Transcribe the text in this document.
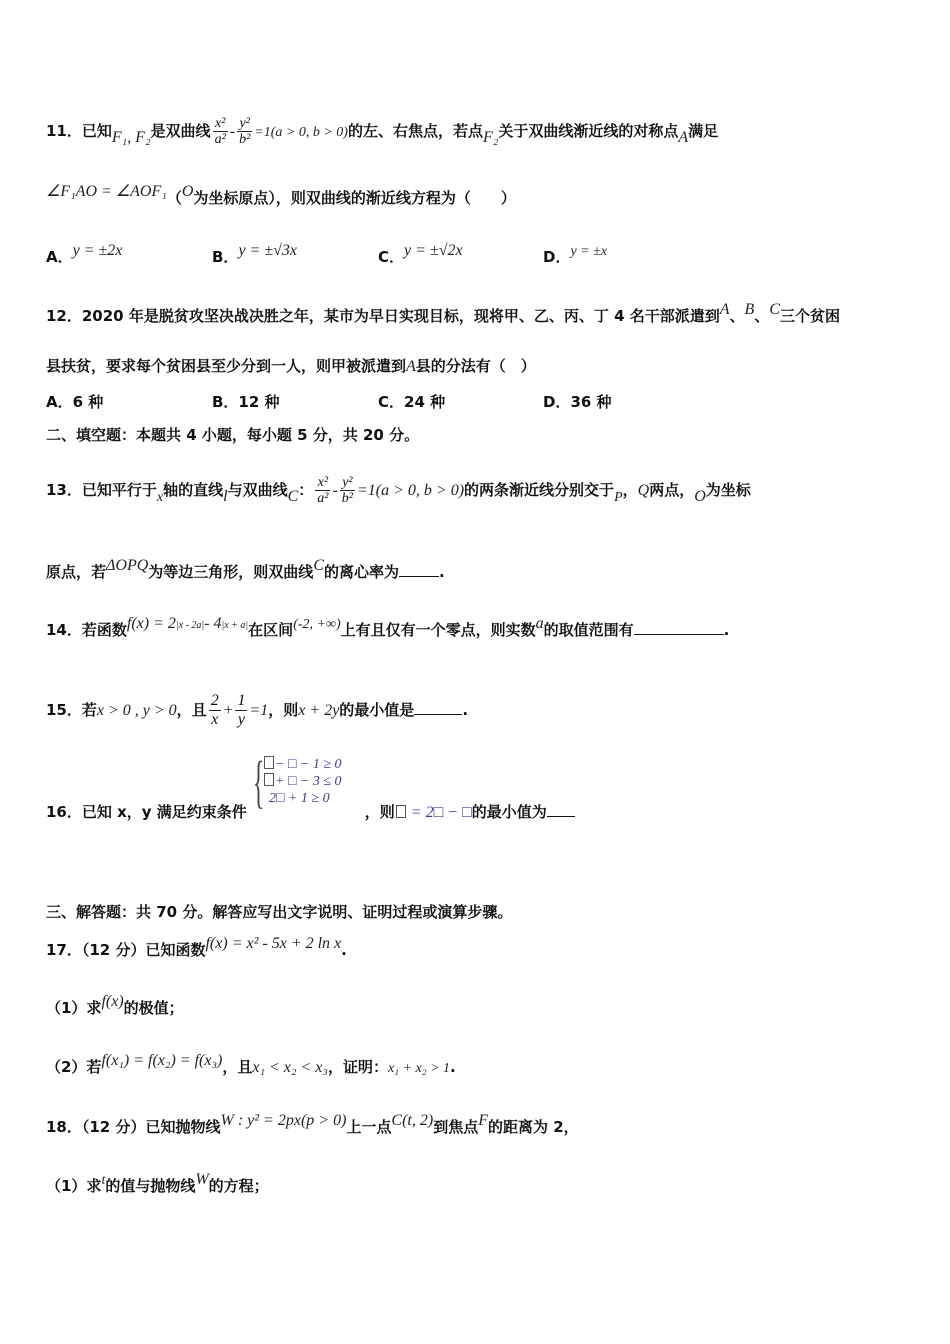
11．已知F₁, F₂是双曲线 $\frac{\text{x²}}{\text{a²}} - \frac{\text{y²}}{\text{b²}} =1(a > 0$, b > 0)的左、右焦点，若点F₂关于双曲线渐近线的对称点A满足
∠F₁AO = ∠AOF₁（O为坐标原点），则双曲线的渐近线方程为（　　）
A．y = ±2x	B．y = ±√3x	C．y = ±√2x	D．y = ±x
12．2020 年是脱贫攻坚决战决胜之年，某市为早日实现目标，现将甲、乙、丙、丁 4 名干部派遣到A、B、C三个贫困
县扶贫，要求每个贫困县至少分到一人，则甲被派遣到A县的分法有（　）
A．6 种	B．12 种	C．24 种	D．36 种
二、填空题：本题共 4 小题，每小题 5 分，共 20 分。
13．已知平行于x轴的直线l与双曲线C： $\frac{\text{x²}}{\text{a²}} - \frac{\text{y²}}{\text{b²}} =1(a > 0$, b > 0)的两条渐近线分别交于P，Q两点，O为坐标
原点，若ΔOPQ为等边三角形，则双曲线C的离心率为	.
14．若函数$f(x) = 2^{|x - 2a|}-$ $4^{|x + a|}$在区间(-2, +∞)上有且仅有一个零点，则实数a的取值范围有	.
15．若x > 0 , y > 0，且 $\frac{2}{x} + \frac{1}{y} =1$，则x + 2y的最小值是	.
16．已知 x，y 满足约束条件	，则 = 2□ − □的最小值为
{ − □ − 1 ≥ 0
+ □ − 3 ≤ 0
2□ + 1 ≥ 0
三、解答题：共 70 分。解答应写出文字说明、证明过程或演算步骤。
17．（12 分）已知函数f(x) = x² - 5x + 2 ln x.
（1）求f(x)的极值；
（2）若f(x₁) = f(x₂) = f(x₃)，且x₁ < x₂ < x₃，证明：x₁ + x₂ > 1.
18．（12 分）已知抛物线W : y² = 2px(p > 0)上一点C(t, 2)到焦点F的距离为 2，
（1）求t的值与抛物线W的方程；
